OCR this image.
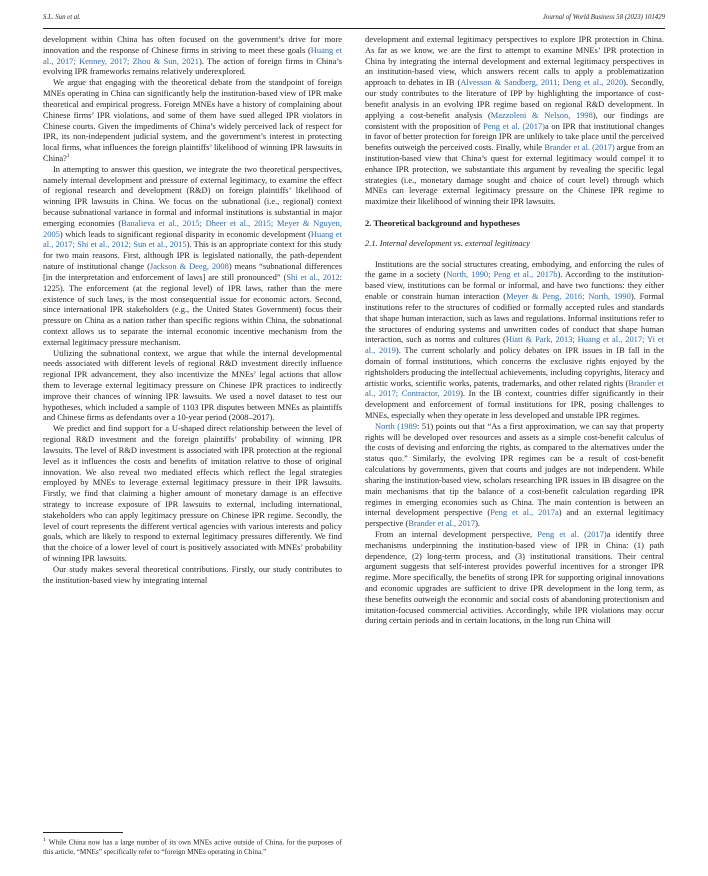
S.L. Sun et al.	Journal of World Business 58 (2023) 101429

development within China has often focused on the government’s drive for more innovation and the response of Chinese firms in striving to meet these goals (Huang et al., 2017; Kenney, 2017; Zhou & Sun, 2021). The action of foreign firms in China’s evolving IPR frameworks remains relatively underexplored.

We argue that engaging with the theoretical debate from the standpoint of foreign MNEs operating in China can significantly help the institution-based view of IPR make theoretical and empirical progress. Foreign MNEs have a history of complaining about Chinese firms’ IPR violations, and some of them have sued alleged IPR violators in Chinese courts. Given the impediments of China’s widely perceived lack of respect for IPR, its non-independent judicial system, and the government’s interest in protecting local firms, what influences the foreign plaintiffs’ likelihood of winning IPR lawsuits in China?$^1$

In attempting to answer this question, we integrate the two theoretical perspectives, namely internal development and pressure of external legitimacy, to examine the effect of regional research and development (R&D) on foreign plaintiffs’ likelihood of winning IPR lawsuits in China. We focus on the subnational (i.e., regional) context because subnational variance in formal and informal institutions is substantial in major emerging economies (Banalieva et al., 2015; Dheer et al., 2015; Meyer & Nguyen, 2005) which leads to significant regional disparity in economic development (Huang et al., 2017; Shi et al., 2012; Sun et al., 2015). This is an appropriate context for this study for two main reasons. First, although IPR is legislated nationally, the path-dependent nature of institutional change (Jackson & Deeg, 2008) means “subnational differences [in the interpretation and enforcement of laws] are still pronounced” (Shi et al., 2012: 1225). The enforcement (at the regional level) of IPR laws, rather than the mere existence of such laws, is the most consequential issue for economic actors. Second, since international IPR stakeholders (e.g., the United States Government) focus their pressure on China as a nation rather than specific regions within China, the subnational context allows us to separate the internal economic incentive mechanism from the external legitimacy pressure mechanism.

Utilizing the subnational context, we argue that while the internal developmental needs associated with different levels of regional R&D investment directly influence regional IPR advancement, they also incentivize the MNEs’ legal actions that allow them to leverage external legitimacy pressure on Chinese IPR practices to indirectly improve their chances of winning IPR lawsuits. We used a novel dataset to test our hypotheses, which included a sample of 1103 IPR disputes between MNEs as plaintiffs and Chinese firms as defendants over a 10-year period (2008–2017).

We predict and find support for a U-shaped direct relationship between the level of regional R&D investment and the foreign plaintiffs’ probability of winning IPR lawsuits. The level of R&D investment is associated with IPR protection at the regional level as it influences the costs and benefits of imitation relative to those of original innovation. We also reveal two mediated effects which reflect the legal strategies employed by MNEs to leverage external legitimacy pressure in their IPR lawsuits. Firstly, we find that claiming a higher amount of monetary damage is an effective strategy to increase exposure of IPR lawsuits to external, including international, stakeholders who can apply legitimacy pressure on Chinese IPR regime. Secondly, the level of court represents the different vertical agencies with various interests and policy goals, which are likely to respond to external legitimacy pressures differently. We find that the choice of a lower level of court is positively associated with MNEs’ probability of winning IPR lawsuits.

Our study makes several theoretical contributions. Firstly, our study contributes to the institution-based view by integrating internal

development and external legitimacy perspectives to explore IPR protection in China. As far as we know, we are the first to attempt to examine MNEs’ IPR protection in China by integrating the internal development and external legitimacy perspectives in an institution-based view, which answers recent calls to apply a problematization approach to debates in IB (Alvesson & Sandberg, 2011; Deng et al., 2020). Secondly, our study contributes to the literature of IPP by highlighting the importance of cost-benefit analysis in an evolving IPR regime based on regional R&D development. In applying a cost-benefit analysis (Mazzoleni & Nelson, 1998), our findings are consistent with the proposition of Peng et al. (2017)a on IPR that institutional changes in favor of better protection for foreign IPR are unlikely to take place until the perceived benefits outweigh the perceived costs. Finally, while Brander et al. (2017) argue from an institution-based view that China’s quest for external legitimacy would compel it to enhance IPR protection, we substantiate this argument by revealing the specific legal strategies (i.e., monetary damage sought and choice of court level) through which MNEs can leverage external legitimacy pressure on the Chinese IPR regime to maximize their likelihood of winning their IPR lawsuits.

2. Theoretical background and hypotheses
2.1. Internal development vs. external legitimacy

Institutions are the social structures creating, embodying, and enforcing the rules of the game in a society (North, 1990; Peng et al., 2017b). According to the institution-based view, institutions can be formal or informal, and have two functions: they either enable or constrain human interaction (Meyer & Peng, 2016; North, 1990). Formal institutions refer to the structures of codified or formally accepted rules and standards that shape human interaction, such as laws and regulations. Informal institutions refer to the structures of enduring systems and unwritten codes of conduct that shape human interaction, such as norms and cultures (Hiatt & Park, 2013; Huang et al., 2017; Yi et al., 2019). The current scholarly and policy debates on IPR issues in IB fall in the domain of formal institutions, which concerns the exclusive rights enjoyed by the rightsholders producing the intellectual achievements, including copyrights, literacy and artistic works, scientific works, patents, trademarks, and other related rights (Brander et al., 2017; Contractor, 2019). In the IB context, countries differ significantly in their development and enforcement of formal institutions for IPR, posing challenges to MNEs, especially when they operate in less developed and unstable IPR regimes.

North (1989: 51) points out that “As a first approximation, we can say that property rights will be developed over resources and assets as a simple cost-benefit calculus of the costs of devising and enforcing the rights, as compared to the alternatives under the status quo.” Similarly, the evolving IPR regimes can be a result of cost-benefit calculations by governments, given that courts and judges are not independent. While sharing the institution-based view, scholars researching IPR issues in IB disagree on the main mechanisms that tip the balance of a cost-benefit calculation regarding IPR regimes in emerging economies such as China. The main contention is between an internal development perspective (Peng et al., 2017a) and an external legitimacy perspective (Brander et al., 2017).

From an internal development perspective, Peng et al. (2017)a identify three mechanisms underpinning the institution-based view of IPR in China: (1) path dependence, (2) long-term process, and (3) institutional transitions. Their central argument suggests that self-interest provides powerful incentives for a stronger IPR regime. More specifically, the benefits of strong IPR for supporting original innovations and economic upgrades are sufficient to drive IPR development in the long term, as these benefits outweigh the economic and social costs of abandoning protectionism and imitation-focused commercial activities. Accordingly, while IPR violations may occur during certain periods and in certain locations, in the long run China will

$^1$ While China now has a large number of its own MNEs active outside of China, for the purposes of this article, “MNEs” specifically refer to “foreign MNEs operating in China.”
